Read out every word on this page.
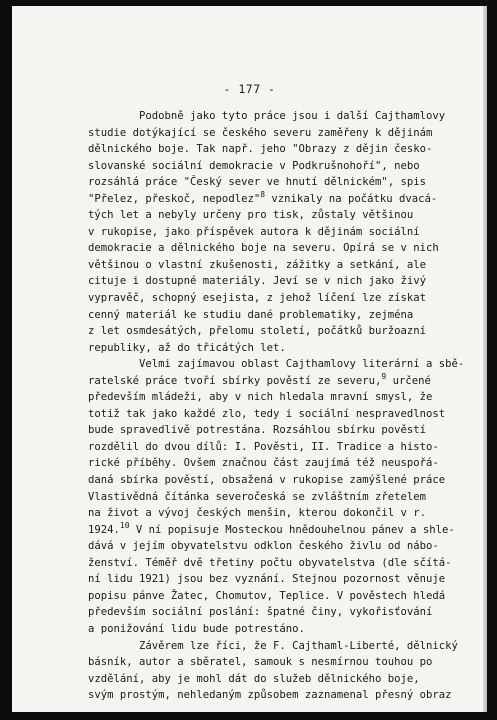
- 177 -
Podobně jako tyto práce jsou i další Cajthamlovy
studie dotýkající se českého severu zaměřeny k dějinám
dělnického boje. Tak např. jeho "Obrazy z dějin česko-
slovanské sociální demokracie v Podkrušnohoří", nebo
rozsáhlá práce "Český sever ve hnutí dělnickém", spis
"Přelez, přeskoč, nepodlez"$^8$ vznikaly na počátku dvacá-
tých let a nebyly určeny pro tisk, zůstaly většinou
v rukopise, jako příspěvek autora k dějinám sociální
demokracie a dělnického boje na severu. Opírá se v nich
většinou o vlastní zkušenosti, zážitky a setkání, ale
cituje i dostupné materiály. Jeví se v nich jako živý
vypravěč, schopný esejista, z jehož líčení lze získat
cenný materiál ke studiu dané problematiky, zejména
z let osmdesátých, přelomu století, počátků buržoazní
republiky, až do třicátých let.
Velmi zajímavou oblast Cajthamlovy literární a sbě-
ratelské práce tvoří sbírky pověstí ze severu,$^9$ určené
především mládeži, aby v nich hledala mravní smysl, že
totiž tak jako každé zlo, tedy i sociální nespravedlnost
bude spravedlivě potrestána. Rozsáhlou sbírku pověstí
rozdělil do dvou dílů: I. Pověsti, II. Tradice a histo-
rické příběhy. Ovšem značnou část zaujímá též neuspořá-
daná sbírka pověstí, obsažená v rukopise zamýšlené práce
Vlastivědná čítánka severočeská se zvláštním zřetelem
na život a vývoj českých menšin, kterou dokončil v r.
1924.10 V ní popisuje Mosteckou hnědouhelnou pánev a shle-
dává v jejím obyvatelstvu odklon českého živlu od nábo-
ženství. Téměř dvě třetiny počtu obyvatelstva (dle sčítá-
ní lidu 1921) jsou bez vyznání. Stejnou pozornost věnuje
popisu pánve Žatec, Chomutov, Teplice. V pověstech hledá
především sociální poslání: špatné činy, vykořisťování
a ponižování lidu bude potrestáno.
Závěrem lze říci, že F. Cajthaml-Liberté, dělnický
básník, autor a sběratel, samouk s nesmírnou touhou po
vzdělání, aby je mohl dát do služeb dělnického boje,
svým prostým, nehledaným způsobem zaznamenal přesný obraz
